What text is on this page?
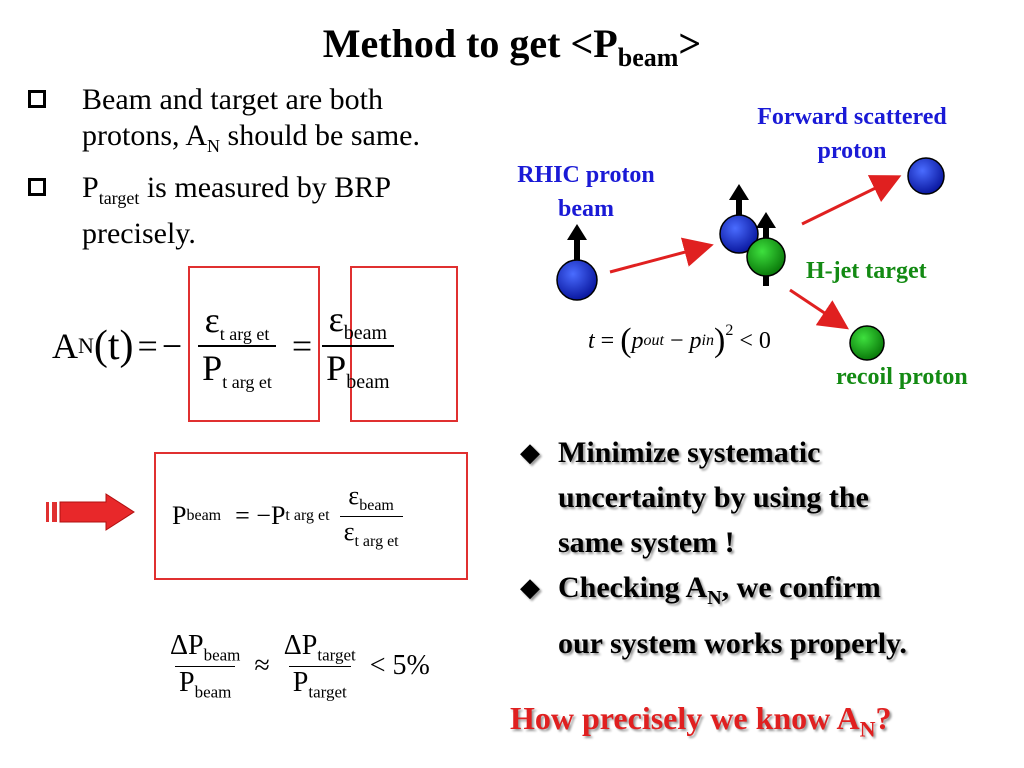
Method to get $<P_{beam}>$
Beam and target are both
protons, $A_N$ should be same.
$P_{target}$ is measured by BRP
precisely.
A N (t) = − $\frac{\varepsilon_{t arg et}}{P_{t arg et}} = \frac{\varepsilon_{beam}}{P_{beam}}$
P beam = −P t arg et $\frac{\varepsilon_{beam}}{\varepsilon_{t arg et}}$
$\frac{\Delta P_{beam}}{P_{beam}} \approx \frac{\Delta P_{target}}{P_{target}} < 5\%$
Forward scattered
proton
RHIC proton
beam
H-jet target
recoil proton
t = ( p out − p in )$^2$ < 0
◆ Minimize systematic
uncertainty by using the
same system !
◆ Checking $A_N$, we confirm
our system works properly.
How precisely we know $A_N$?
